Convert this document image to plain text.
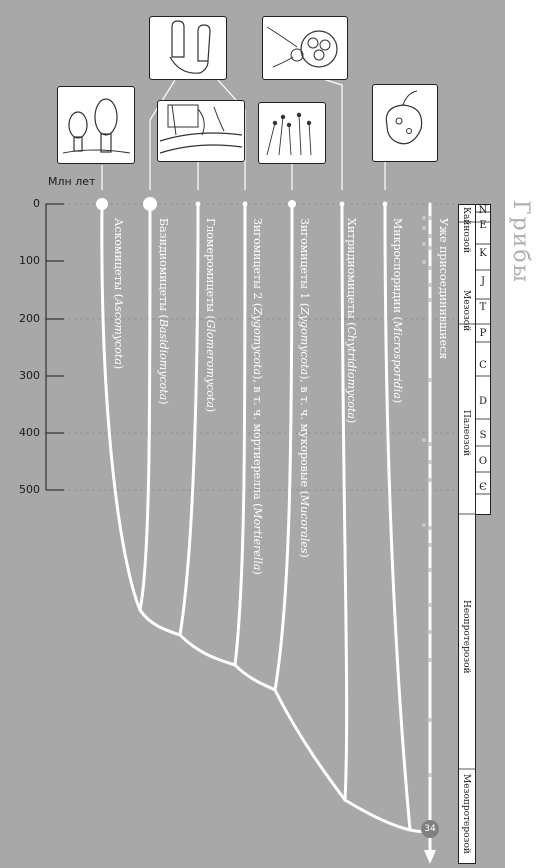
Млн лет
0
100
200
300
400
500
Аскомицеты (Ascomycota)
Базидиомицеты (Basidiomycota)
Гломеромицеты (Glomeromycota)
Зигомицеты 2 (Zygomycota), в т. ч. мортиерелла (Mortierella)
Зигомицеты 1 (Zygomycota), в т. ч. мукоровые (Mucorales)
Хитридиомицеты (Chytridiomycota)
Микроспоридии (Microsporidia)
Уже присоединившиеся Кайнозой
Мезозой
Палеозой
Неопротерозой
Мезопротерозой
N
E
K
J
T
P
C
D
S
O
Є
Грибы
34
